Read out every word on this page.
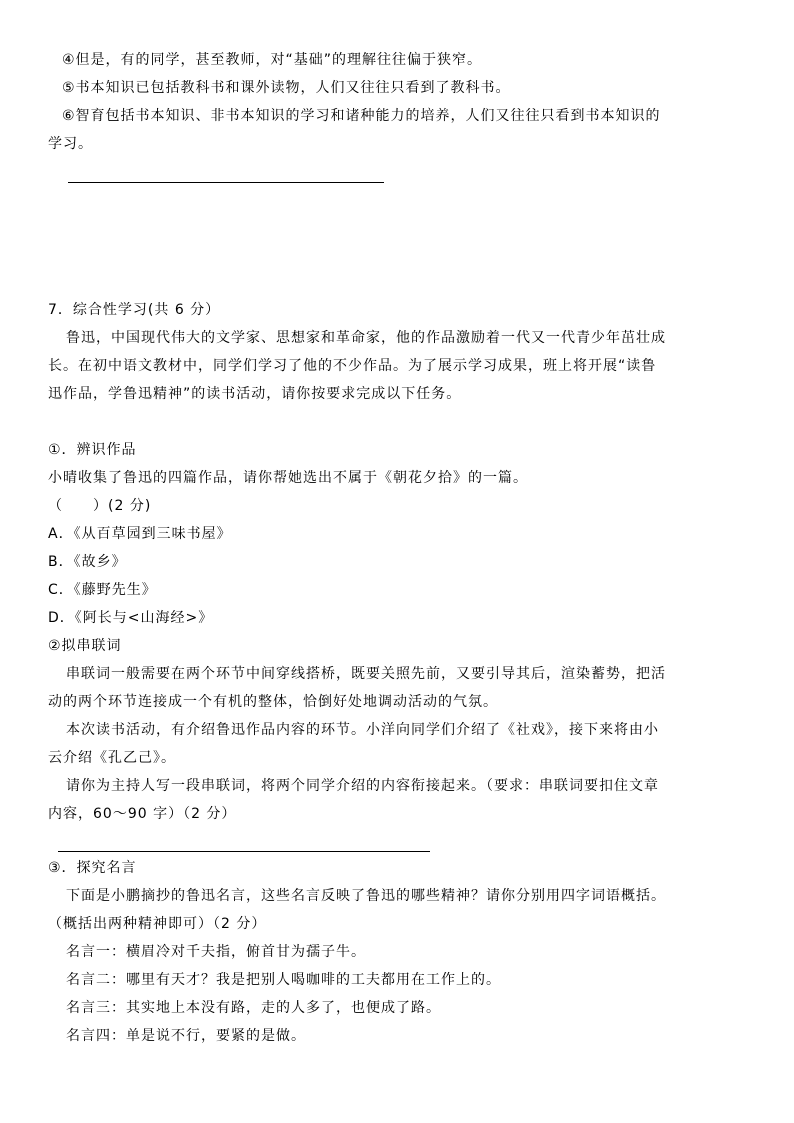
④但是，有的同学，甚至教师，对“基础”的理解往往偏于狭窄。

⑤书本知识已包括教科书和课外读物，人们又往往只看到了教科书。

⑥智育包括书本知识、非书本知识的学习和诸种能力的培养，人们又往往只看到书本知识的

学习。

7．综合性学习(共 6 分）

鲁迅，中国现代伟大的文学家、思想家和革命家，他的作品激励着一代又一代青少年茁壮成

长。在初中语文教材中，同学们学习了他的不少作品。为了展示学习成果，班上将开展“读鲁

迅作品，学鲁迅精神”的读书活动，请你按要求完成以下任务。

①．辨识作品

小晴收集了鲁迅的四篇作品，请你帮她选出不属于《朝花夕拾》的一篇。

（　　）(2 分)

A．《从百草园到三味书屋》

B．《故乡》

C．《藤野先生》

D．《阿长与<山海经>》

②拟串联词

串联词一般需要在两个环节中间穿线搭桥，既要关照先前，又要引导其后，渲染蓄势，把活

动的两个环节连接成一个有机的整体，恰倒好处地调动活动的气氛。

本次读书活动，有介绍鲁迅作品内容的环节。小洋向同学们介绍了《社戏》，接下来将由小

云介绍《孔乙己》。

请你为主持人写一段串联词，将两个同学介绍的内容衔接起来。（要求：串联词要扣住文章

内容，60～90 字）（2 分）

③．探究名言

下面是小鹏摘抄的鲁迅名言，这些名言反映了鲁迅的哪些精神？请你分别用四字词语概括。

（概括出两种精神即可）（2 分）

名言一：横眉冷对千夫指，俯首甘为孺子牛。

名言二：哪里有天才？我是把别人喝咖啡的工夫都用在工作上的。

名言三：其实地上本没有路，走的人多了，也便成了路。

名言四：单是说不行，要紧的是做。
